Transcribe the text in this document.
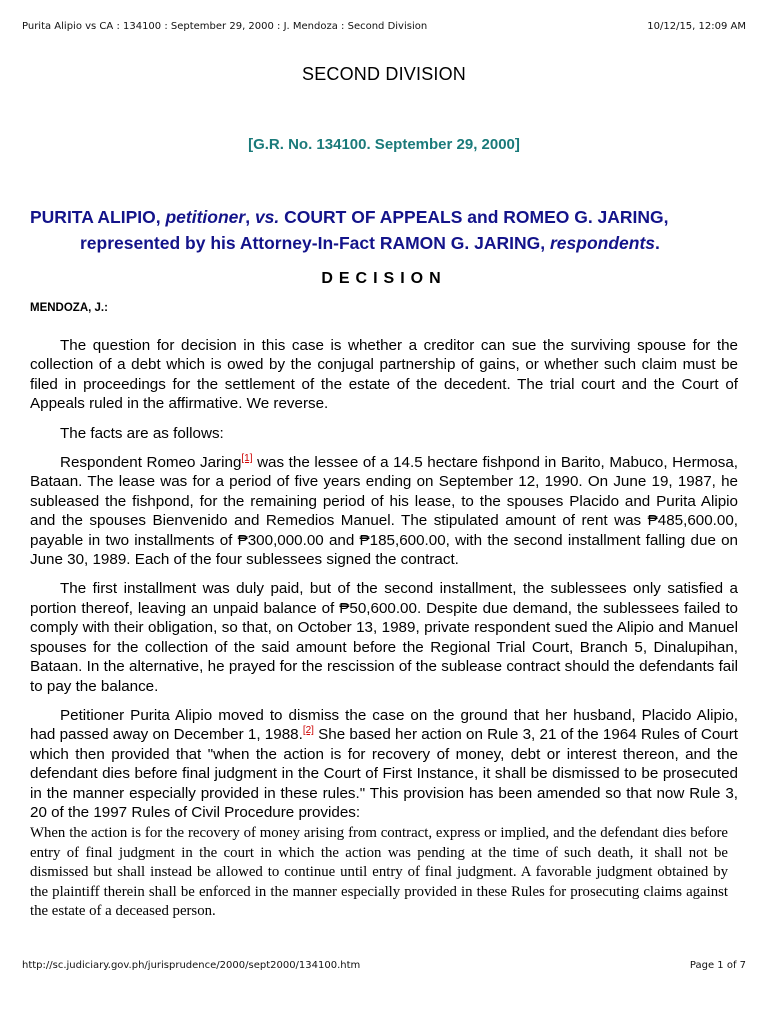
Purita Alipio vs CA : 134100 : September 29, 2000 : J. Mendoza : Second Division	10/12/15, 12:09 AM
SECOND DIVISION
[G.R. No. 134100. September 29, 2000]
PURITA ALIPIO, petitioner, vs. COURT OF APPEALS and ROMEO G. JARING,
represented by his Attorney-In-Fact RAMON G. JARING, respondents.
DECISION
MENDOZA, J.:

The question for decision in this case is whether a creditor can sue the surviving spouse for the collection of a debt which is owed by the conjugal partnership of gains, or whether such claim must be filed in proceedings for the settlement of the estate of the decedent. The trial court and the Court of Appeals ruled in the affirmative. We reverse.

The facts are as follows:

Respondent Romeo Jaring[1] was the lessee of a 14.5 hectare fishpond in Barito, Mabuco, Hermosa, Bataan. The lease was for a period of five years ending on September 12, 1990. On June 19, 1987, he subleased the fishpond, for the remaining period of his lease, to the spouses Placido and Purita Alipio and the spouses Bienvenido and Remedios Manuel. The stipulated amount of rent was ₱485,600.00, payable in two installments of ₱300,000.00 and ₱185,600.00, with the second installment falling due on June 30, 1989. Each of the four sublessees signed the contract.

The first installment was duly paid, but of the second installment, the sublessees only satisfied a portion thereof, leaving an unpaid balance of ₱50,600.00. Despite due demand, the sublessees failed to comply with their obligation, so that, on October 13, 1989, private respondent sued the Alipio and Manuel spouses for the collection of the said amount before the Regional Trial Court, Branch 5, Dinalupihan, Bataan. In the alternative, he prayed for the rescission of the sublease contract should the defendants fail to pay the balance.

Petitioner Purita Alipio moved to dismiss the case on the ground that her husband, Placido Alipio, had passed away on December 1, 1988.[2] She based her action on Rule 3, 21 of the 1964 Rules of Court which then provided that "when the action is for recovery of money, debt or interest thereon, and the defendant dies before final judgment in the Court of First Instance, it shall be dismissed to be prosecuted in the manner especially provided in these rules." This provision has been amended so that now Rule 3, 20 of the 1997 Rules of Civil Procedure provides:

When the action is for the recovery of money arising from contract, express or implied, and the defendant dies before entry of final judgment in the court in which the action was pending at the time of such death, it shall not be dismissed but shall instead be allowed to continue until entry of final judgment. A favorable judgment obtained by the plaintiff therein shall be enforced in the manner especially provided in these Rules for prosecuting claims against the estate of a deceased person.
http://sc.judiciary.gov.ph/jurisprudence/2000/sept2000/134100.htm	Page 1 of 7
